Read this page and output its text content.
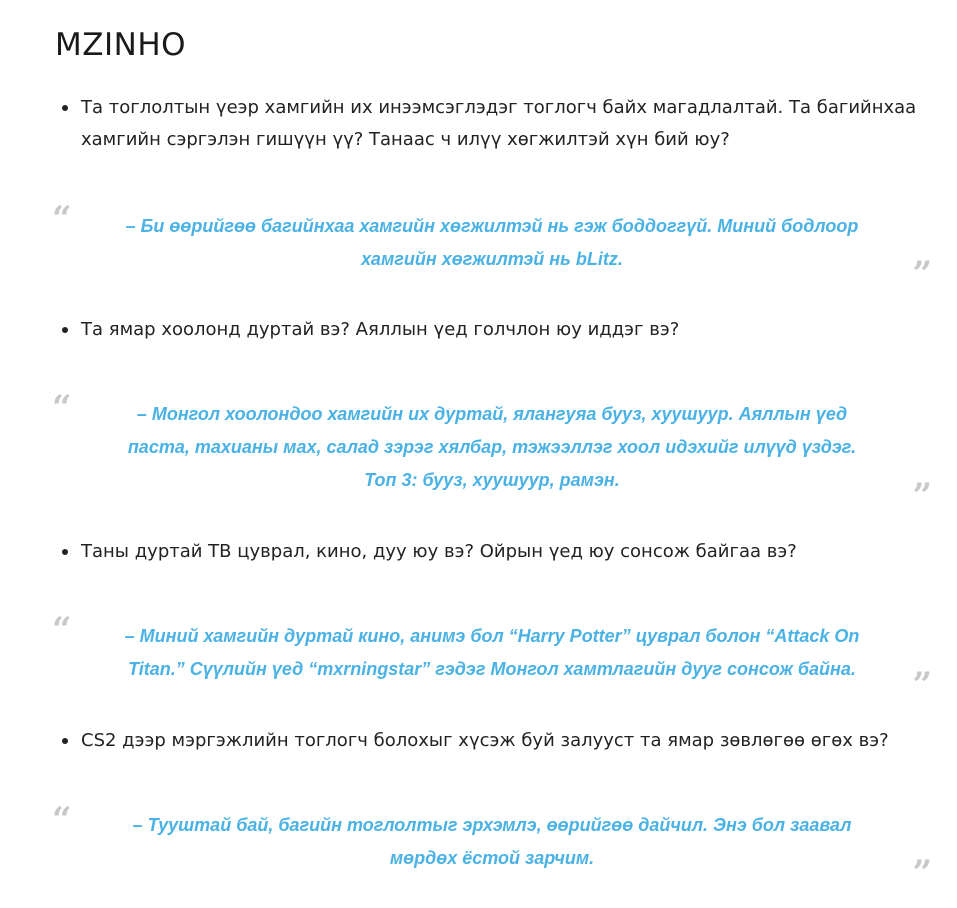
MZINHO
Та тоглолтын үеэр хамгийн их инээмсэглэдэг тоглогч байх магадлалтай. Та багийнхаа хамгийн сэргэлэн гишүүн үү? Танаас ч илүү хөгжилтэй хүн бий юу?
“	– Би өөрийгөө багийнхаа хамгийн хөгжилтэй нь гэж боддоггүй. Миний бодлоор хамгийн хөгжилтэй нь bLitz.	”
Та ямар хоолонд дуртай вэ? Аяллын үед голчлон юу иддэг вэ?
“	– Монгол хоолондоо хамгийн их дуртай, ялангуяа бууз, хуушуур. Аяллын үед паста, тахианы мах, салад зэрэг хялбар, тэжээллэг хоол идэхийг илүүд үздэг. Топ 3: бууз, хуушуур, рамэн.	”
Таны дуртай ТВ цуврал, кино, дуу юу вэ? Ойрын үед юу сонсож байгаа вэ?
“	– Миний хамгийн дуртай кино, анимэ бол “Harry Potter” цуврал болон “Attack On Titan.” Сүүлийн үед “mxrningstar” гэдэг Монгол хамтлагийн дууг сонсож байна.	”
CS2 дээр мэргэжлийн тоглогч болохыг хүсэж буй залууст та ямар зөвлөгөө өгөх вэ?
“	– Тууштай бай, багийн тоглолтыг эрхэмлэ, өөрийгөө дайчил. Энэ бол заавал мөрдөх ёстой зарчим.	”
